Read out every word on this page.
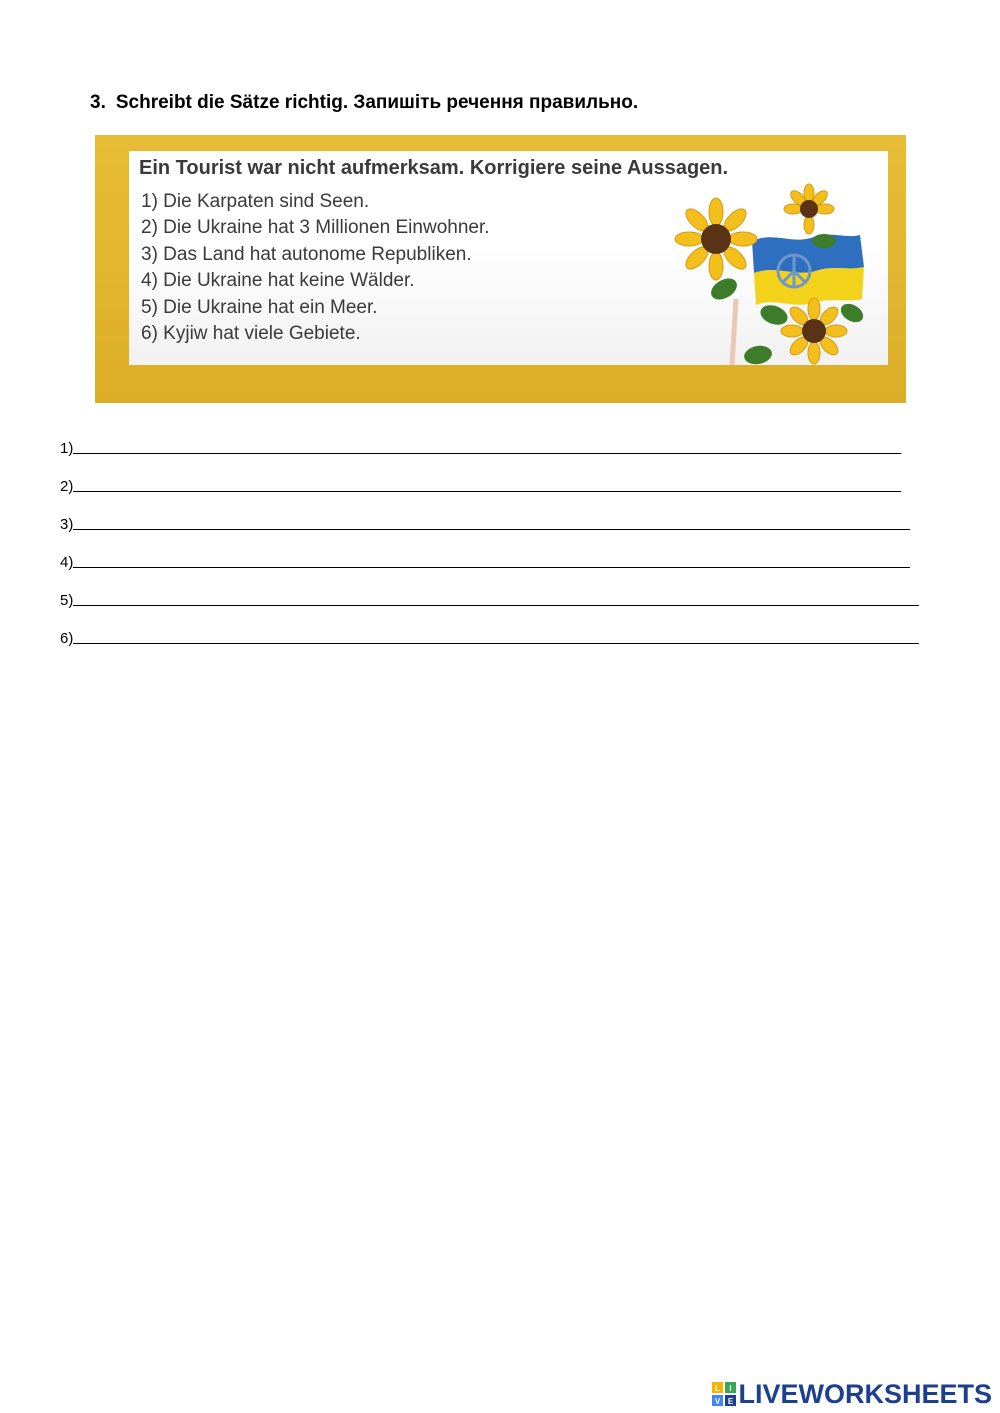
3. Schreibt die Sätze richtig. Запишіть речення правильно.
Ein Tourist war nicht aufmerksam. Korrigiere seine Aussagen.
1) Die Karpaten sind Seen.
2) Die Ukraine hat 3 Millionen Einwohner.
3) Das Land hat autonome Republiken.
4) Die Ukraine hat keine Wälder.
5) Die Ukraine hat ein Meer.
6) Kyjiw hat viele Gebiete.
1)
2)
3)
4)
5)
6)
L I
V E LIVEWORKSHEETS
